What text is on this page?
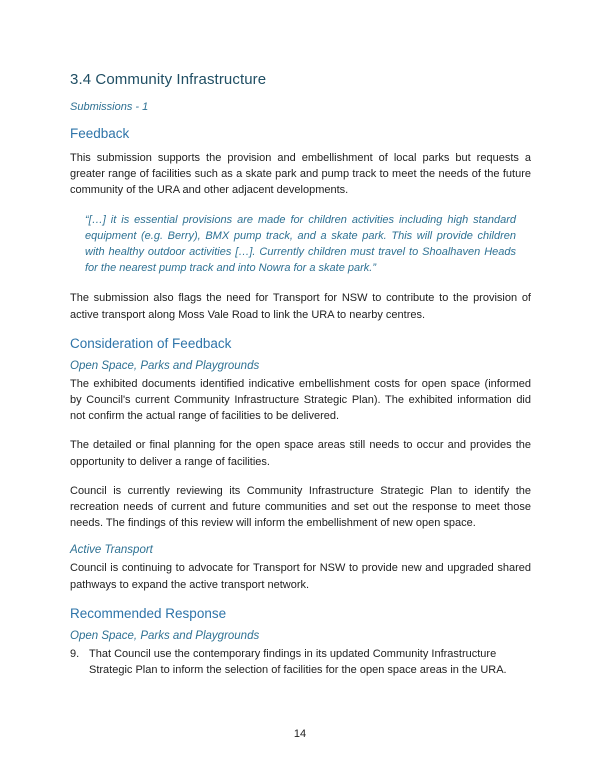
3.4 Community Infrastructure
Submissions - 1
Feedback

This submission supports the provision and embellishment of local parks but requests a greater range of facilities such as a skate park and pump track to meet the needs of the future community of the URA and other adjacent developments.

“[…] it is essential provisions are made for children activities including high standard equipment (e.g. Berry), BMX pump track, and a skate park. This will provide children with healthy outdoor activities […]. Currently children must travel to Shoalhaven Heads for the nearest pump track and into Nowra for a skate park.”

The submission also flags the need for Transport for NSW to contribute to the provision of active transport along Moss Vale Road to link the URA to nearby centres.

Consideration of Feedback
Open Space, Parks and Playgrounds

The exhibited documents identified indicative embellishment costs for open space (informed by Council's current Community Infrastructure Strategic Plan). The exhibited information did not confirm the actual range of facilities to be delivered.

The detailed or final planning for the open space areas still needs to occur and provides the opportunity to deliver a range of facilities.

Council is currently reviewing its Community Infrastructure Strategic Plan to identify the recreation needs of current and future communities and set out the response to meet those needs. The findings of this review will inform the embellishment of new open space.

Active Transport

Council is continuing to advocate for Transport for NSW to provide new and upgraded shared pathways to expand the active transport network.

Recommended Response
Open Space, Parks and Playgrounds
9. That Council use the contemporary findings in its updated Community Infrastructure Strategic Plan to inform the selection of facilities for the open space areas in the URA.
14
